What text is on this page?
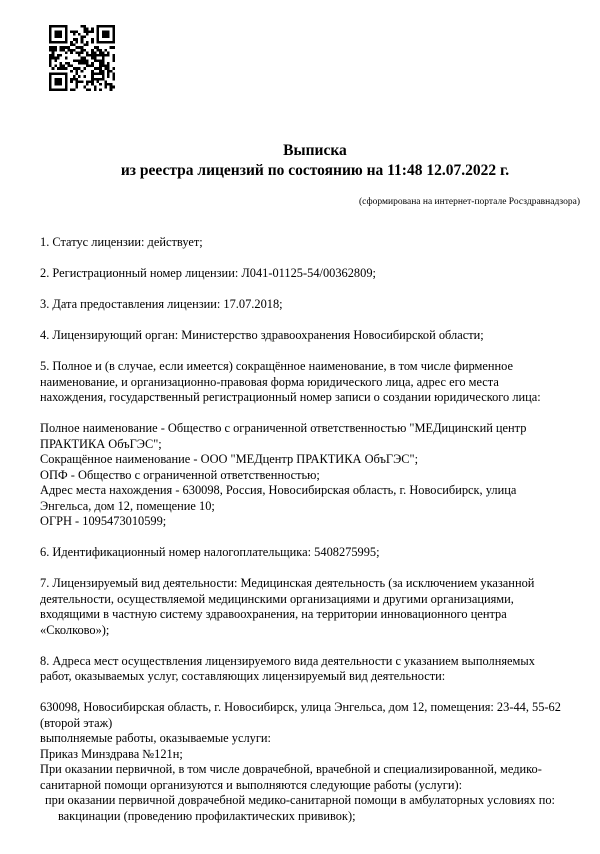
Выписка
из реестра лицензий по состоянию на 11:48 12.07.2022 г.
(сформирована на интернет-портале Росздравнадзора)
1. Статус лицензии: действует;
2. Регистрационный номер лицензии: Л041-01125-54/00362809;
3. Дата предоставления лицензии: 17.07.2018;
4. Лицензирующий орган: Министерство здравоохранения Новосибирской области;
5. Полное и (в случае, если имеется) сокращённое наименование, в том числе фирменное наименование, и организационно-правовая форма юридического лица, адрес его места нахождения, государственный регистрационный номер записи о создании юридического лица:
Полное наименование - Общество с ограниченной ответственностью "МЕДицинский центр ПРАКТИКА ОбъГЭС";
Сокращённое наименование - ООО "МЕДцентр ПРАКТИКА ОбъГЭС";
ОПФ - Общество с ограниченной ответственностью;
Адрес места нахождения - 630098, Россия, Новосибирская область, г. Новосибирск, улица Энгельса, дом 12, помещение 10;
ОГРН - 1095473010599;
6. Идентификационный номер налогоплательщика: 5408275995;
7. Лицензируемый вид деятельности: Медицинская деятельность (за исключением указанной деятельности, осуществляемой медицинскими организациями и другими организациями, входящими в частную систему здравоохранения, на территории инновационного центра «Сколково»);
8. Адреса мест осуществления лицензируемого вида деятельности с указанием выполняемых работ, оказываемых услуг, составляющих лицензируемый вид деятельности:
630098, Новосибирская область, г. Новосибирск, улица Энгельса, дом 12, помещения: 23-44, 55-62 (второй этаж)
выполняемые работы, оказываемые услуги:
Приказ Минздрава №121н;
При оказании первичной, в том числе доврачебной, врачебной и специализированной, медико-санитарной помощи организуются и выполняются следующие работы (услуги):
при оказании первичной доврачебной медико-санитарной помощи в амбулаторных условиях по:
вакцинации (проведению профилактических прививок);
